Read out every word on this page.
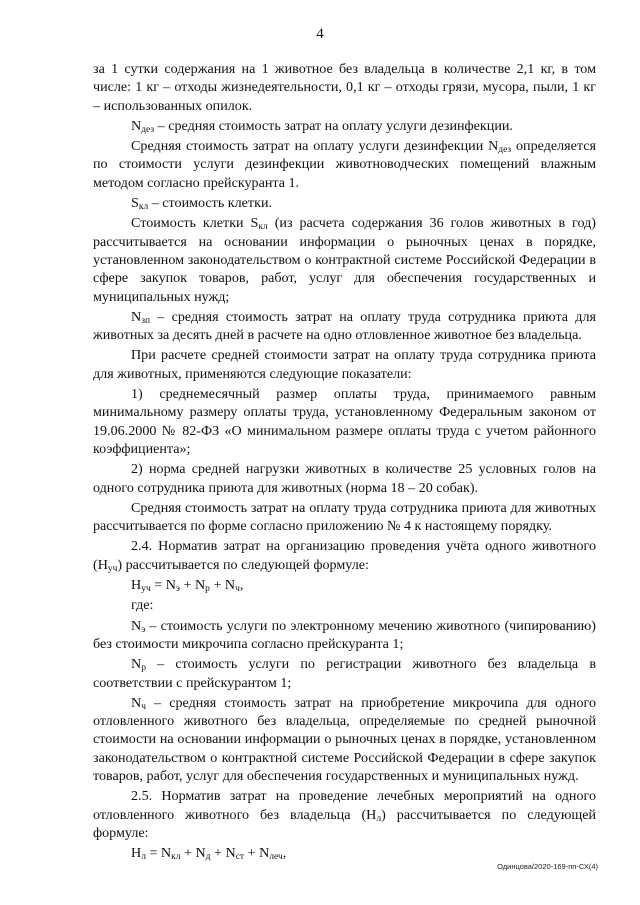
4

за 1 сутки содержания на 1 животное без владельца в количестве 2,1 кг, в том числе: 1 кг – отходы жизнедеятельности, 0,1 кг – отходы грязи, мусора, пыли, 1 кг – использованных опилок.

$N_{дез}$ – средняя стоимость затрат на оплату услуги дезинфекции.

Средняя стоимость затрат на оплату услуги дезинфекции $N_{дез}$ определяется по стоимости услуги дезинфекции животноводческих помещений влажным методом согласно прейскуранта 1.

$S_{кл}$ – стоимость клетки.

Стоимость клетки $S_{кл}$ (из расчета содержания 36 голов животных в год) рассчитывается на основании информации о рыночных ценах в порядке, установленном законодательством о контрактной системе Российской Федерации в сфере закупок товаров, работ, услуг для обеспечения государственных и муниципальных нужд;

$N_{зп}$ – средняя стоимость затрат на оплату труда сотрудника приюта для животных за десять дней в расчете на одно отловленное животное без владельца.

При расчете средней стоимости затрат на оплату труда сотрудника приюта для животных, применяются следующие показатели:

1) среднемесячный размер оплаты труда, принимаемого равным минимальному размеру оплаты труда, установленному Федеральным законом от 19.06.2000 № 82-ФЗ «О минимальном размере оплаты труда с учетом районного коэффициента»;

2) норма средней нагрузки животных в количестве 25 условных голов на одного сотрудника приюта для животных (норма 18 – 20 собак).

Средняя стоимость затрат на оплату труда сотрудника приюта для животных рассчитывается по форме согласно приложению № 4 к настоящему порядку.

2.4. Норматив затрат на организацию проведения учёта одного животного $(Н_{уч})$ рассчитывается по следующей формуле:

$Н_{уч} = N_э + N_р + N_ч$,

где:

$N_э$ – стоимость услуги по электронному мечению животного (чипированию) без стоимости микрочипа согласно прейскуранта 1;

$N_р$ – стоимость услуги по регистрации животного без владельца в соответствии с прейскурантом 1;

$N_ч$ – средняя стоимость затрат на приобретение микрочипа для одного отловленного животного без владельца, определяемые по средней рыночной стоимости на основании информации о рыночных ценах в порядке, установленном законодательством о контрактной системе Российской Федерации в сфере закупок товаров, работ, услуг для обеспечения государственных и муниципальных нужд.

2.5. Норматив затрат на проведение лечебных мероприятий на одного отловленного животного без владельца $(Н_л)$ рассчитывается по следующей формуле:

$Н_л = N_{кл} + N_д + N_{ст} + N_{леч}$,

Одинцова/2020-169-пп-СХ(4)
